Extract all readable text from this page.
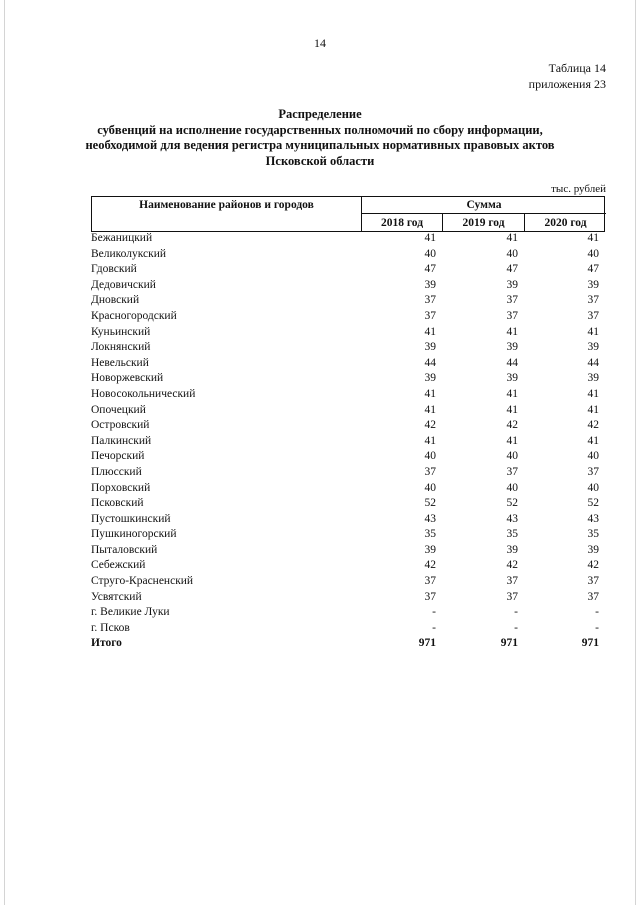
14
Таблица 14
приложения 23
Распределение
субвенций на исполнение государственных полномочий по сбору информации,
необходимой для ведения регистра муниципальных нормативных правовых актов
Псковской области
тыс. рублей
Наименование районов и городов	Сумма
2018 год	2019 год	2020 год
Бежаницкий	41	41	41
Великолукский	40	40	40
Гдовский	47	47	47
Дедовичский	39	39	39
Дновский	37	37	37
Красногородский	37	37	37
Куньинский	41	41	41
Локнянский	39	39	39
Невельский	44	44	44
Новоржевский	39	39	39
Новосокольнический	41	41	41
Опочецкий	41	41	41
Островский	42	42	42
Палкинский	41	41	41
Печорский	40	40	40
Плюсский	37	37	37
Порховский	40	40	40
Псковский	52	52	52
Пустошкинский	43	43	43
Пушкиногорский	35	35	35
Пыталовский	39	39	39
Себежский	42	42	42
Струго-Красненский	37	37	37
Усвятский	37	37	37
г. Великие Луки	-	-	-
г. Псков	-	-	-
Итого	971	971	971
